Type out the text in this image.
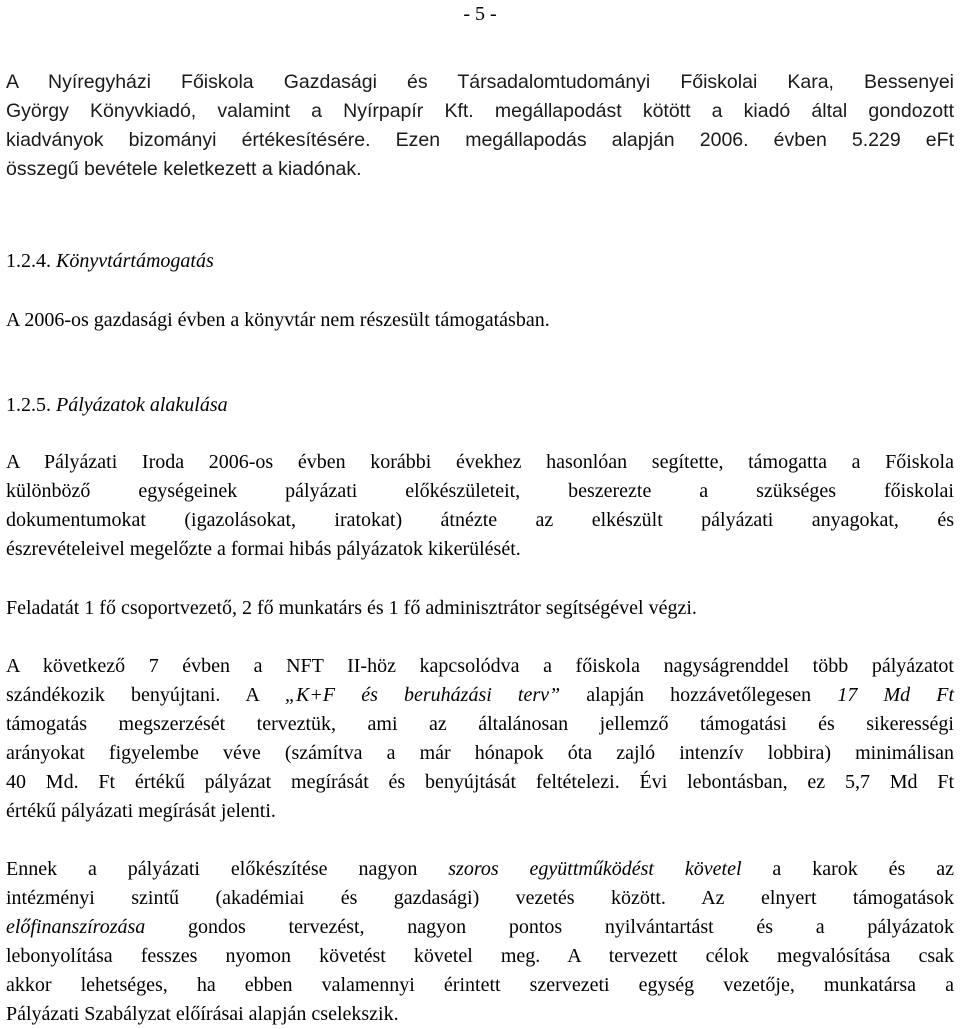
- 5 -
A Nyíregyházi Főiskola Gazdasági és Társadalomtudományi Főiskolai Kara, Bessenyei
György Könyvkiadó, valamint a Nyírpapír Kft. megállapodást kötött a kiadó által gondozott
kiadványok bizományi értékesítésére. Ezen megállapodás alapján 2006. évben 5.229 eFt
összegű bevétele keletkezett a kiadónak.
1.2.4. Könyvtártámogatás
A 2006-os gazdasági évben a könyvtár nem részesült támogatásban.
1.2.5. Pályázatok alakulása
A Pályázati Iroda 2006-os évben korábbi évekhez hasonlóan segítette, támogatta a Főiskola
különböző egységeinek pályázati előkészületeit, beszerezte a szükséges főiskolai
dokumentumokat (igazolásokat, iratokat) átnézte az elkészült pályázati anyagokat, és
észrevételeivel megelőzte a formai hibás pályázatok kikerülését.
Feladatát 1 fő csoportvezető, 2 fő munkatárs és 1 fő adminisztrátor segítségével végzi.
A következő 7 évben a NFT II-höz kapcsolódva a főiskola nagyságrenddel több pályázatot
szándékozik benyújtani. A „K+F és beruházási terv” alapján hozzávetőlegesen 17 Md Ft
támogatás megszerzését terveztük, ami az általánosan jellemző támogatási és sikerességi
arányokat figyelembe véve (számítva a már hónapok óta zajló intenzív lobbira) minimálisan
40 Md. Ft értékű pályázat megírását és benyújtását feltételezi. Évi lebontásban, ez 5,7 Md Ft
értékű pályázati megírását jelenti.
Ennek a pályázati előkészítése nagyon szoros együttműködést követel a karok és az
intézményi szintű (akadémiai és gazdasági) vezetés között. Az elnyert támogatások
előfinanszírozása gondos tervezést, nagyon pontos nyilvántartást és a pályázatok
lebonyolítása fesszes nyomon követést követel meg. A tervezett célok megvalósítása csak
akkor lehetséges, ha ebben valamennyi érintett szervezeti egység vezetője, munkatársa a
Pályázati Szabályzat előírásai alapján cselekszik.
